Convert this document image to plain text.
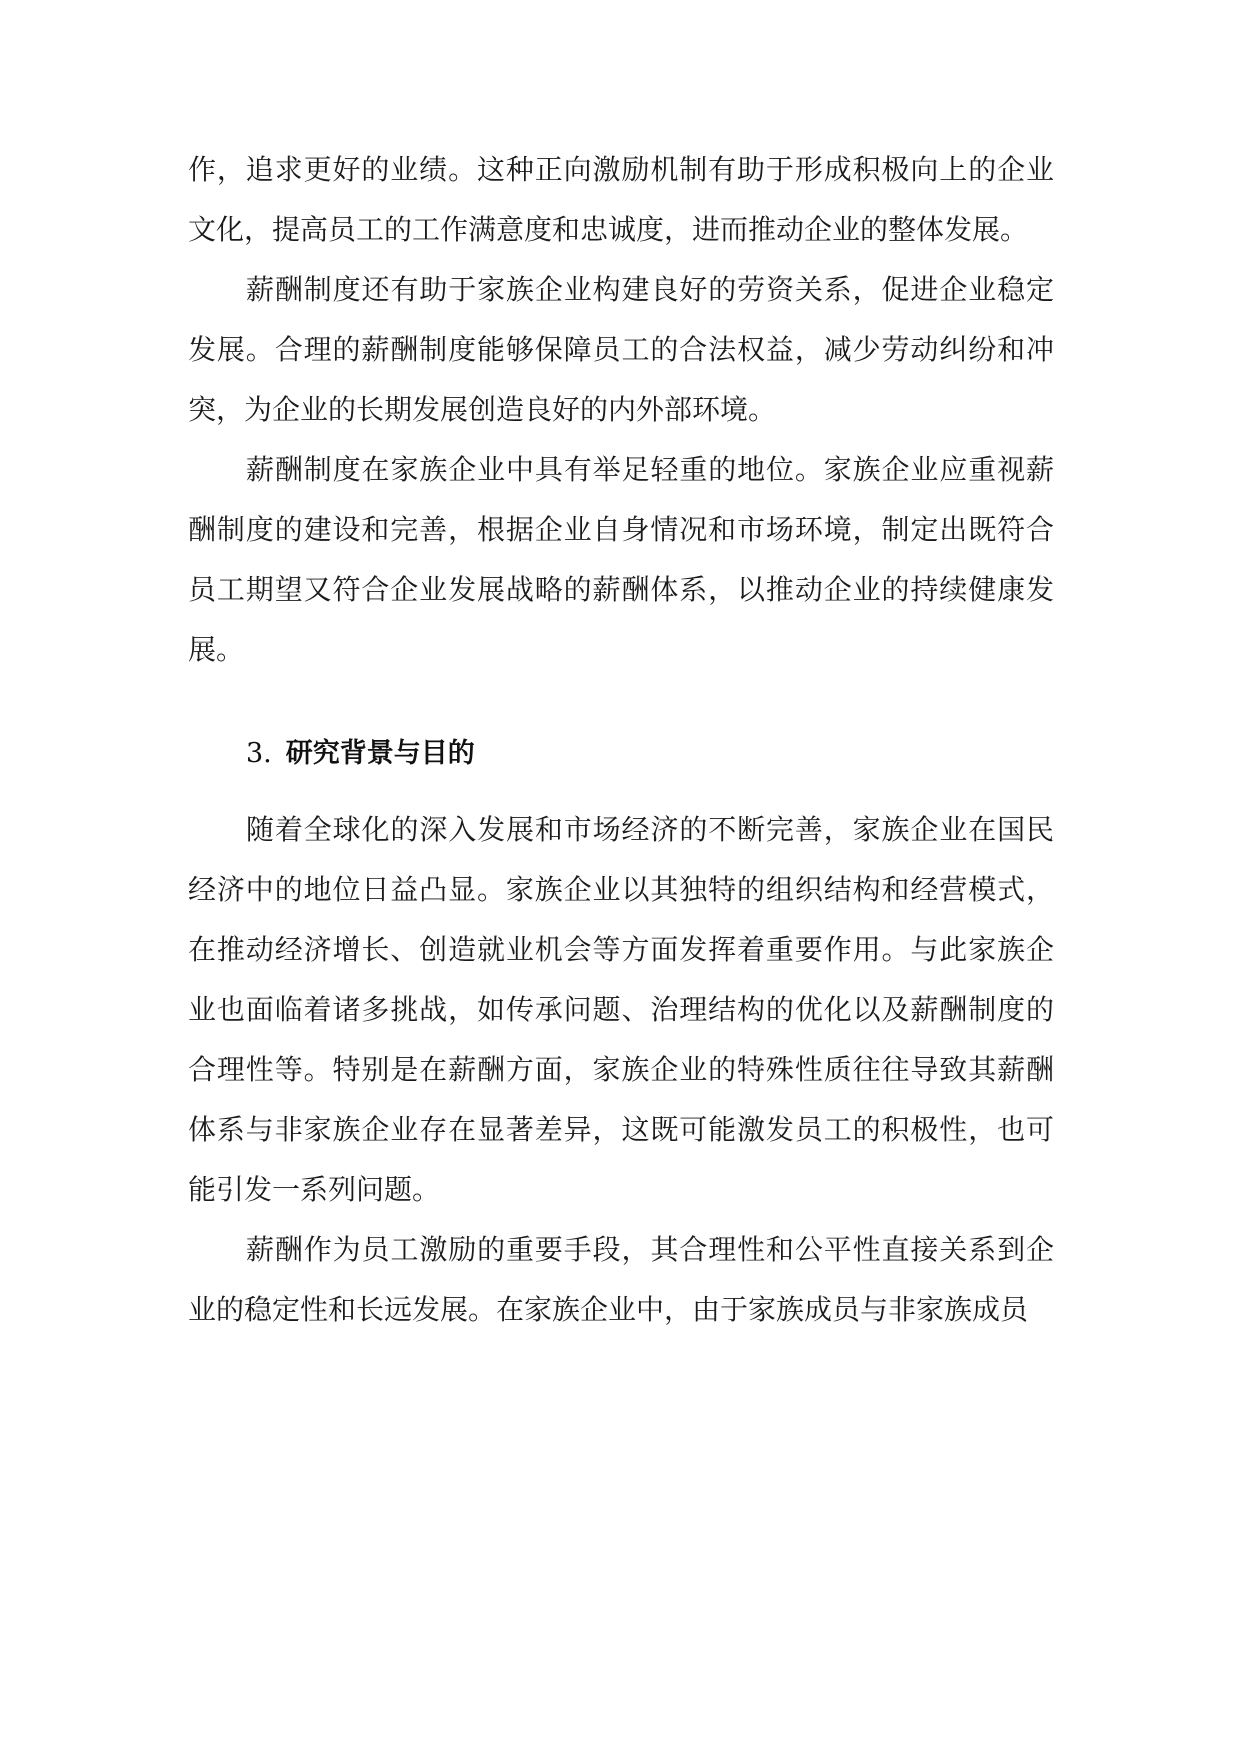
作，追求更好的业绩。这种正向激励机制有助于形成积极向上的企业文化，提高员工的工作满意度和忠诚度，进而推动企业的整体发展。

薪酬制度还有助于家族企业构建良好的劳资关系，促进企业稳定发展。合理的薪酬制度能够保障员工的合法权益，减少劳动纠纷和冲突，为企业的长期发展创造良好的内外部环境。

薪酬制度在家族企业中具有举足轻重的地位。家族企业应重视薪酬制度的建设和完善，根据企业自身情况和市场环境，制定出既符合员工期望又符合企业发展战略的薪酬体系，以推动企业的持续健康发展。

3. 研究背景与目的

随着全球化的深入发展和市场经济的不断完善，家族企业在国民经济中的地位日益凸显。家族企业以其独特的组织结构和经营模式，在推动经济增长、创造就业机会等方面发挥着重要作用。与此家族企业也面临着诸多挑战，如传承问题、治理结构的优化以及薪酬制度的合理性等。特别是在薪酬方面，家族企业的特殊性质往往导致其薪酬体系与非家族企业存在显著差异，这既可能激发员工的积极性，也可能引发一系列问题。

薪酬作为员工激励的重要手段，其合理性和公平性直接关系到企业的稳定性和长远发展。在家族企业中，由于家族成员与非家族成员
